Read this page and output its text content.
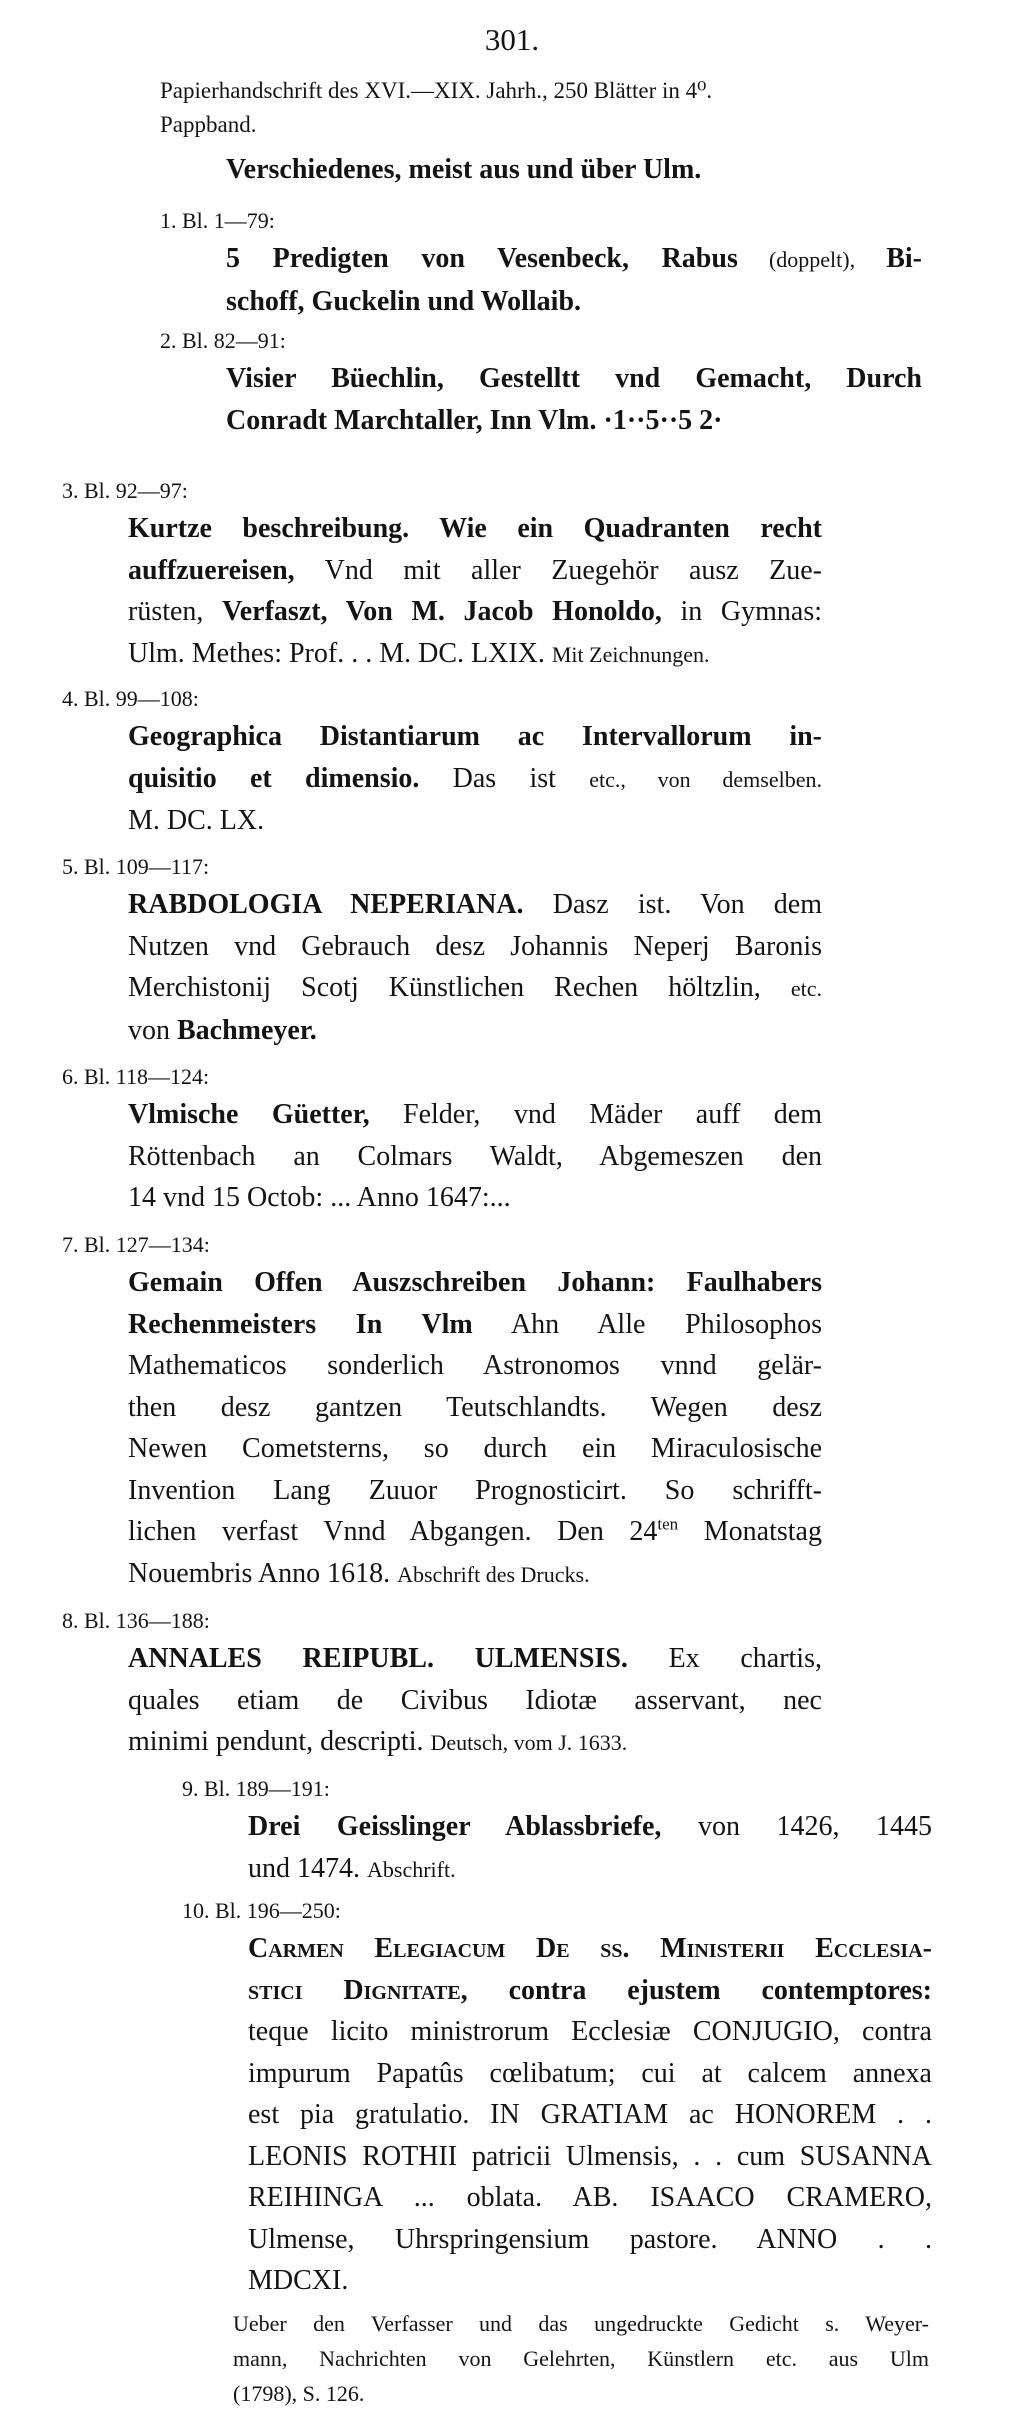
301.
Papierhandschrift des XVI.—XIX. Jahrh., 250 Blätter in 4⁰.
Pappband.
Verschiedenes, meist aus und über Ulm.
1. Bl. 1—79:
5 Predigten von Vesenbeck, Rabus (doppelt), Bi-
schoff, Guckelin und Wollaib.
2. Bl. 82—91:
Visier Büechlin, Gestelltt vnd Gemacht, Durch
Conradt Marchtaller, Inn Vlm. ·1··5··5 2·
3. Bl. 92—97:
Kurtze beschreibung. Wie ein Quadranten recht
auffzuereisen, Vnd mit aller Zuegehör ausz Zue-
rüsten, Verfaszt, Von M. Jacob Honoldo, in Gymnas:
Ulm. Methes: Prof. . . M. DC. LXIX. Mit Zeichnungen.
4. Bl. 99—108:
Geographica Distantiarum ac Intervallorum in-
quisitio et dimensio. Das ist etc., von demselben.
M. DC. LX.
5. Bl. 109—117:
RABDOLOGIA NEPERIANA. Dasz ist. Von dem
Nutzen vnd Gebrauch desz Johannis Neperj Baronis
Merchistonij Scotj Künstlichen Rechen höltzlin, etc.
von Bachmeyer.
6. Bl. 118—124:
Vlmische Güetter, Felder, vnd Mäder auff dem
Röttenbach an Colmars Waldt, Abgemeszen den
14 vnd 15 Octob: ... Anno 1647:...
7. Bl. 127—134:
Gemain Offen Auszschreiben Johann: Faulhabers
Rechenmeisters In Vlm Ahn Alle Philosophos
Mathematicos sonderlich Astronomos vnnd gelär-
then desz gantzen Teutschlandts. Wegen desz
Newen Cometsterns, so durch ein Miraculosische
Invention Lang Zuuor Prognosticirt. So schrifft-
lichen verfast Vnnd Abgangen. Den $24^{ten}$ Monatstag
Nouembris Anno 1618. Abschrift des Drucks.
8. Bl. 136—188:
ANNALES REIPUBL. ULMENSIS. Ex chartis,
quales etiam de Civibus Idiotæ asservant, nec
minimi pendunt, descripti. Deutsch, vom J. 1633.
9. Bl. 189—191:
Drei Geisslinger Ablassbriefe, von 1426, 1445
und 1474. Abschrift.
10. Bl. 196—250:
Carmen Elegiacum De ss. Ministerii Ecclesia-
stici Dignitate, contra ejustem contemptores:
teque licito ministrorum Ecclesiæ CONJUGIO, contra
impurum Papatûs cœlibatum; cui at calcem annexa
est pia gratulatio. IN GRATIAM ac HONOREM . .
LEONIS ROTHII patricii Ulmensis, . . cum SUSANNA
REIHINGA ... oblata. AB. ISAACO CRAMERO,
Ulmense, Uhrspringensium pastore. ANNO . .
MDCXI.
Ueber den Verfasser und das ungedruckte Gedicht s. Weyer-
mann, Nachrichten von Gelehrten, Künstlern etc. aus Ulm
(1798), S. 126.
